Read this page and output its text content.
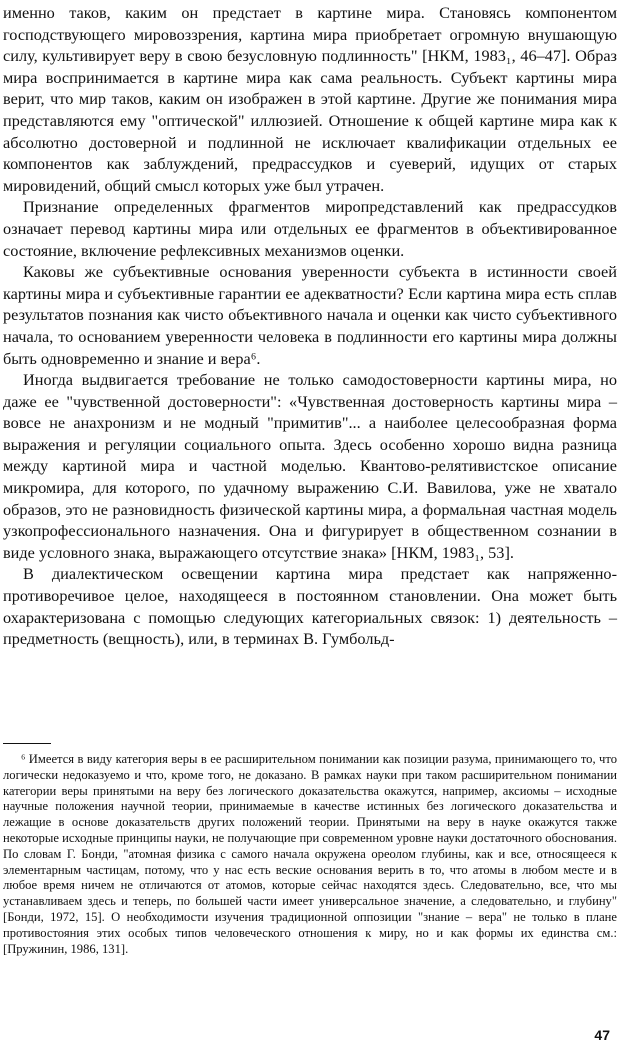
именно таков, каким он предстает в картине мира. Становясь компонентом господствующего мировоззрения, картина мира приобретает огромную внушающую силу, культивирует веру в свою безусловную подлинность" [НКМ, 1983₁, 46–47]. Образ мира воспринимается в картине мира как сама реальность. Субъект картины мира верит, что мир таков, каким он изображен в этой картине. Другие же понимания мира представляются ему "оптической" иллюзией. Отношение к общей картине мира как к абсолютно достоверной и подлинной не исключает квалификации отдельных ее компонентов как заблуждений, предрассудков и суеверий, идущих от старых мировидений, общий смысл которых уже был утрачен.

Признание определенных фрагментов миропредставлений как предрассудков означает перевод картины мира или отдельных ее фрагментов в объективированное состояние, включение рефлексивных механизмов оценки.

Каковы же субъективные основания уверенности субъекта в истинности своей картины мира и субъективные гарантии ее адекватности? Если картина мира есть сплав результатов познания как чисто объективного начала и оценки как чисто субъективного начала, то основанием уверенности человека в подлинности его картины мира должны быть одновременно и знание и вера⁶.

Иногда выдвигается требование не только самодостоверности картины мира, но даже ее "чувственной достоверности": «Чувственная достоверность картины мира – вовсе не анахронизм и не модный "примитив"... а наиболее целесообразная форма выражения и регуляции социального опыта. Здесь особенно хорошо видна разница между картиной мира и частной моделью. Квантово-релятивистское описание микромира, для которого, по удачному выражению С.И. Вавилова, уже не хватало образов, это не разновидность физической картины мира, а формальная частная модель узкопрофессионального назначения. Она и фигурирует в общественном сознании в виде условного знака, выражающего отсутствие знака» [НКМ, 1983₁, 53].

В диалектическом освещении картина мира предстает как напряженно-противоречивое целое, находящееся в постоянном становлении. Она может быть охарактеризована с помощью следующих категориальных связок: 1) деятельность – предметность (вещность), или, в терминах В. Гумбольд-

⁶ Имеется в виду категория веры в ее расширительном понимании как позиции разума, принимающего то, что логически недоказуемо и что, кроме того, не доказано. В рамках науки при таком расширительном понимании категории веры принятыми на веру без логического доказательства окажутся, например, аксиомы – исходные научные положения научной теории, принимаемые в качестве истинных без логического доказательства и лежащие в основе доказательств других положений теории. Принятыми на веру в науке окажутся также некоторые исходные принципы науки, не получающие при современном уровне науки достаточного обоснования. По словам Г. Бонди, "атомная физика с самого начала окружена ореолом глубины, как и все, относящееся к элементарным частицам, потому, что у нас есть веские основания верить в то, что атомы в любом месте и в любое время ничем не отличаются от атомов, которые сейчас находятся здесь. Следовательно, все, что мы устанавливаем здесь и теперь, по большей части имеет универсальное значение, а следовательно, и глубину" [Бонди, 1972, 15]. О необходимости изучения традиционной оппозиции "знание – вера" не только в плане противостояния этих особых типов человеческого отношения к миру, но и как формы их единства см.: [Пружинин, 1986, 131].

47
